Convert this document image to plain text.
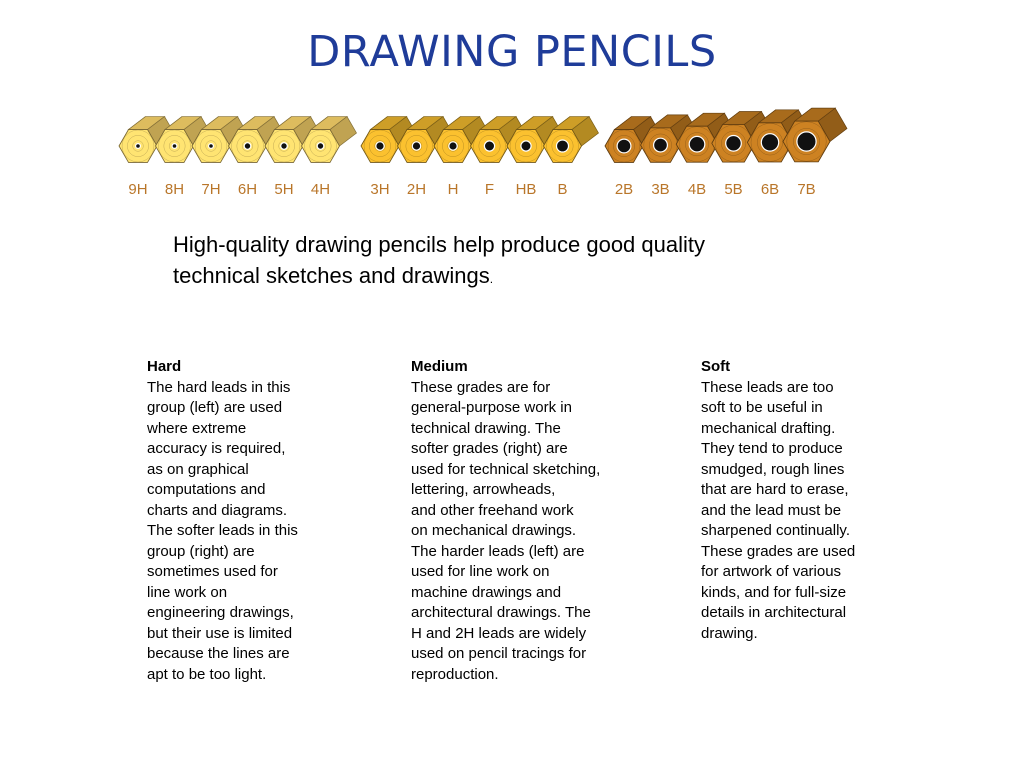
DRAWING PENCILS
9H 8H 7H 6H 5H 4H	3H 2H H F HB B	2B 3B 4B 5B 6B 7B

High-quality drawing pencils help produce good quality
technical sketches and drawings.

Hard
The hard leads in this
group (left) are used
where extreme
accuracy is required,
as on graphical
computations and
charts and diagrams.
The softer leads in this
group (right) are
sometimes used for
line work on
engineering drawings,
but their use is limited
because the lines are
apt to be too light.
Medium
These grades are for
general-purpose work in
technical drawing. The
softer grades (right) are
used for technical sketching,
lettering, arrowheads,
and other freehand work
on mechanical drawings.
The harder leads (left) are
used for line work on
machine drawings and
architectural drawings. The
H and 2H leads are widely
used on pencil tracings for
reproduction.
Soft
These leads are too
soft to be useful in
mechanical drafting.
They tend to produce
smudged, rough lines
that are hard to erase,
and the lead must be
sharpened continually.
These grades are used
for artwork of various
kinds, and for full-size
details in architectural
drawing.
